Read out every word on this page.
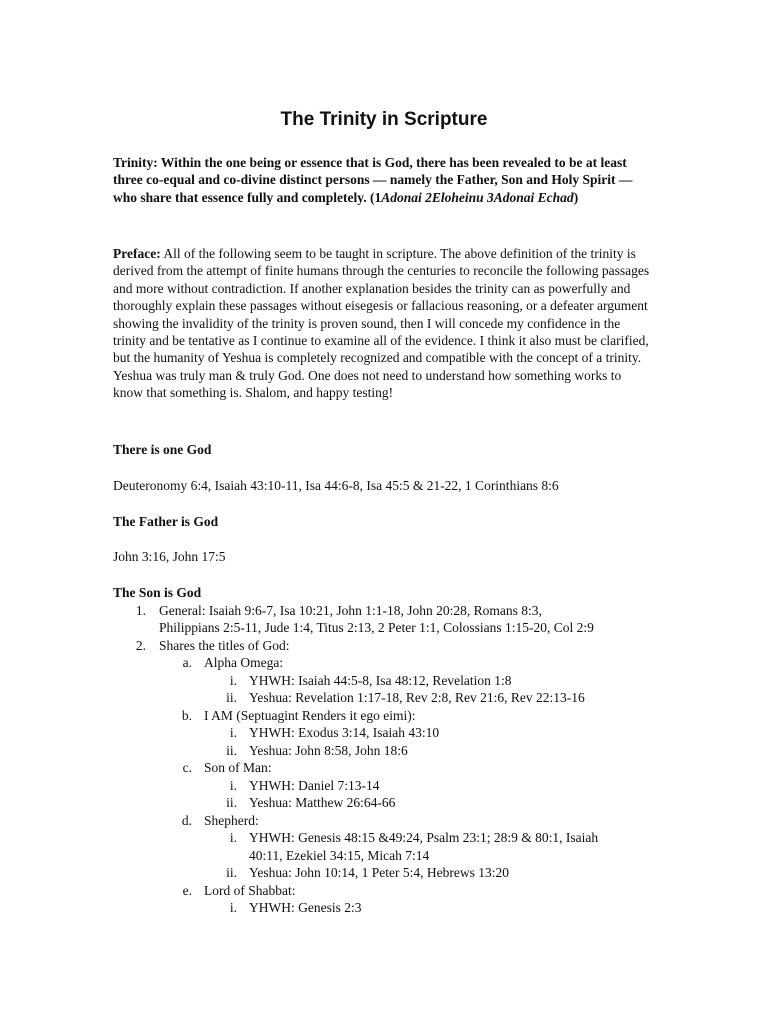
The Trinity in Scripture
Trinity: Within the one being or essence that is God, there has been revealed to be at least three co-equal and co-divine distinct persons — namely the Father, Son and Holy Spirit — who share that essence fully and completely. (1Adonai 2Eloheinu 3Adonai Echad)
Preface: All of the following seem to be taught in scripture. The above definition of the trinity is derived from the attempt of finite humans through the centuries to reconcile the following passages and more without contradiction. If another explanation besides the trinity can as powerfully and thoroughly explain these passages without eisegesis or fallacious reasoning, or a defeater argument showing the invalidity of the trinity is proven sound, then I will concede my confidence in the trinity and be tentative as I continue to examine all of the evidence. I think it also must be clarified, but the humanity of Yeshua is completely recognized and compatible with the concept of a trinity. Yeshua was truly man & truly God. One does not need to understand how something works to know that something is. Shalom, and happy testing!
There is one God
Deuteronomy 6:4, Isaiah 43:10-11, Isa 44:6-8, Isa 45:5 & 21-22, 1 Corinthians 8:6
The Father is God
John 3:16, John 17:5
The Son is God
1. General: Isaiah 9:6-7, Isa 10:21, John 1:1-18, John 20:28, Romans 8:3,
Philippians 2:5-11, Jude 1:4, Titus 2:13, 2 Peter 1:1, Colossians 1:15-20, Col 2:9
2. Shares the titles of God:
a. Alpha Omega:
i. YHWH: Isaiah 44:5-8, Isa 48:12, Revelation 1:8
ii. Yeshua: Revelation 1:17-18, Rev 2:8, Rev 21:6, Rev 22:13-16
b. I AM (Septuagint Renders it ego eimi):
i. YHWH: Exodus 3:14, Isaiah 43:10
ii. Yeshua: John 8:58, John 18:6
c. Son of Man:
i. YHWH: Daniel 7:13-14
ii. Yeshua: Matthew 26:64-66
d. Shepherd:
i. YHWH: Genesis 48:15 &49:24, Psalm 23:1; 28:9 & 80:1, Isaiah
40:11, Ezekiel 34:15, Micah 7:14
ii. Yeshua: John 10:14, 1 Peter 5:4, Hebrews 13:20
e. Lord of Shabbat:
i. YHWH: Genesis 2:3
